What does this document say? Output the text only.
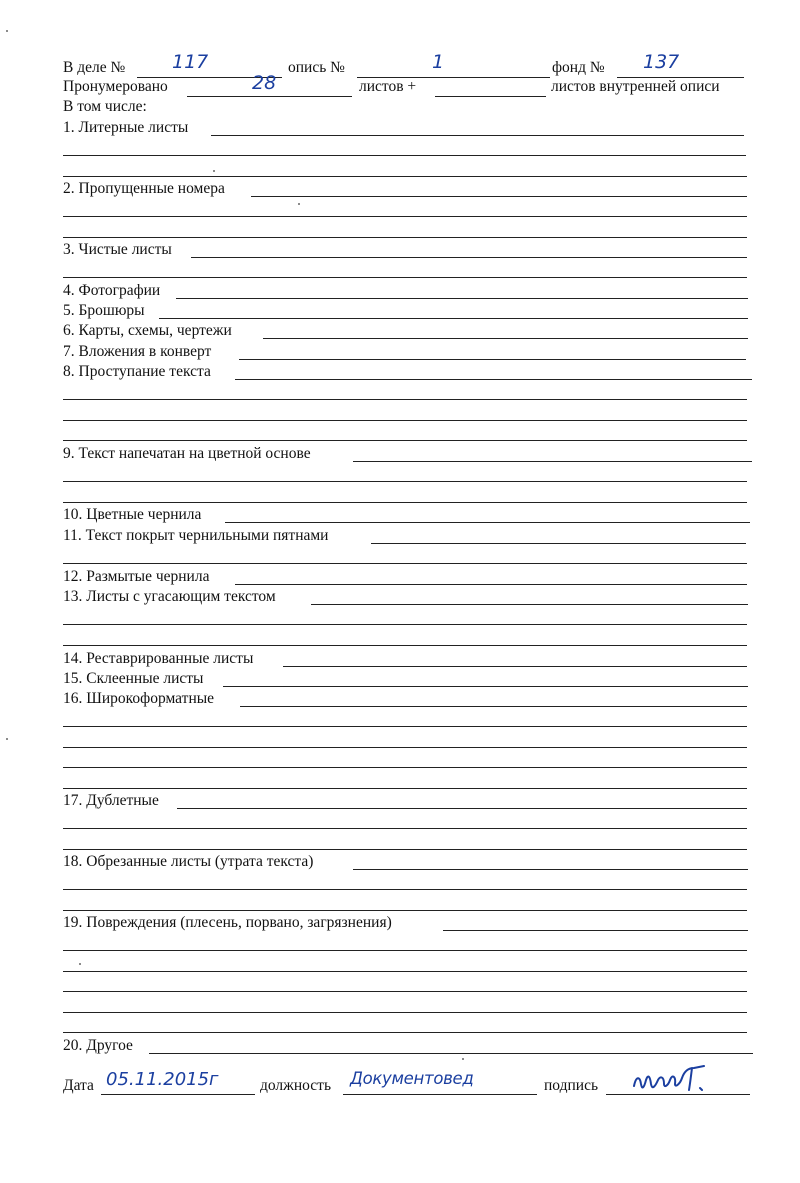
В деле № 117	опись №	1	фонд № 137
Пронумеровано	28	листов +	листов внутренней описи
В том числе:
1. Литерные листы
2. Пропущенные номера
3. Чистые листы
4. Фотографии
5. Брошюры
6. Карты, схемы, чертежи
7. Вложения в конверт
8. Проступание текста
9. Текст напечатан на цветной основе
10. Цветные чернила
11. Текст покрыт чернильными пятнами
12. Размытые чернила
13. Листы с угасающим текстом
14. Реставрированные листы
15. Склеенные листы
16. Широкоформатные
17. Дублетные
18. Обрезанные листы (утрата текста)
19. Повреждения (плесень, порвано, загрязнения)
20. Другое
Дата 05.11.2015г	должность Документовед	подпись
